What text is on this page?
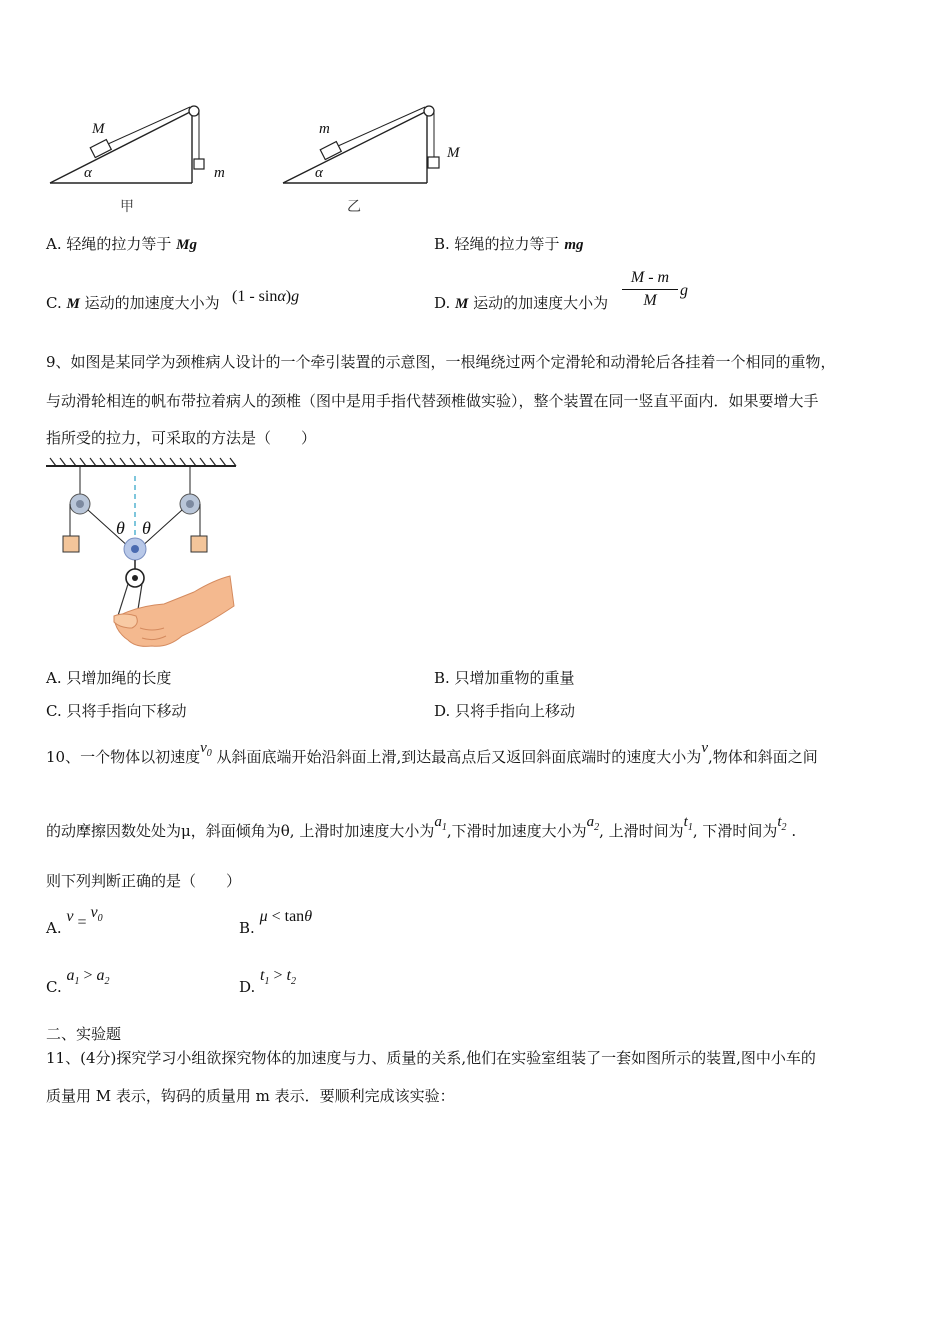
M
m
α
甲
m
M
α
乙
A. 轻绳的拉力等于 Mg	B. 轻绳的拉力等于 mg
C. M 运动的加速度大小为 (1 - sinα)g	D. M 运动的加速度大小为
M - m
M
g
9、如图是某同学为颈椎病人设计的一个牵引装置的示意图，一根绳绕过两个定滑轮和动滑轮后各挂着一个相同的重物，
与动滑轮相连的帆布带拉着病人的颈椎（图中是用手指代替颈椎做实验），整个装置在同一竖直平面内．如果要增大手
指所受的拉力，可采取的方法是（　　）
θ θ
A. 只增加绳的长度	B. 只增加重物的重量
C. 只将手指向下移动	D. 只将手指向上移动
10、一个物体以初速度$v_0$ 从斜面底端开始沿斜面上滑,到达最高点后又返回斜面底端时的速度大小为v,物体和斜面之间
的动摩擦因数处处为μ，斜面倾角为θ, 上滑时加速度大小为$a_1$,下滑时加速度大小为$a_2$, 上滑时间为$t_1$, 下滑时间为$t_2$ .
则下列判断正确的是（　　）
A. $v = v_0$
B. μ < tanθ
C. $a_1 > a_2$	D. $t_1 > t_2$
二、实验题
11、(4分)探究学习小组欲探究物体的加速度与力、质量的关系,他们在实验室组装了一套如图所示的装置,图中小车的
质量用 M 表示，钩码的质量用 m 表示．要顺利完成该实验：
